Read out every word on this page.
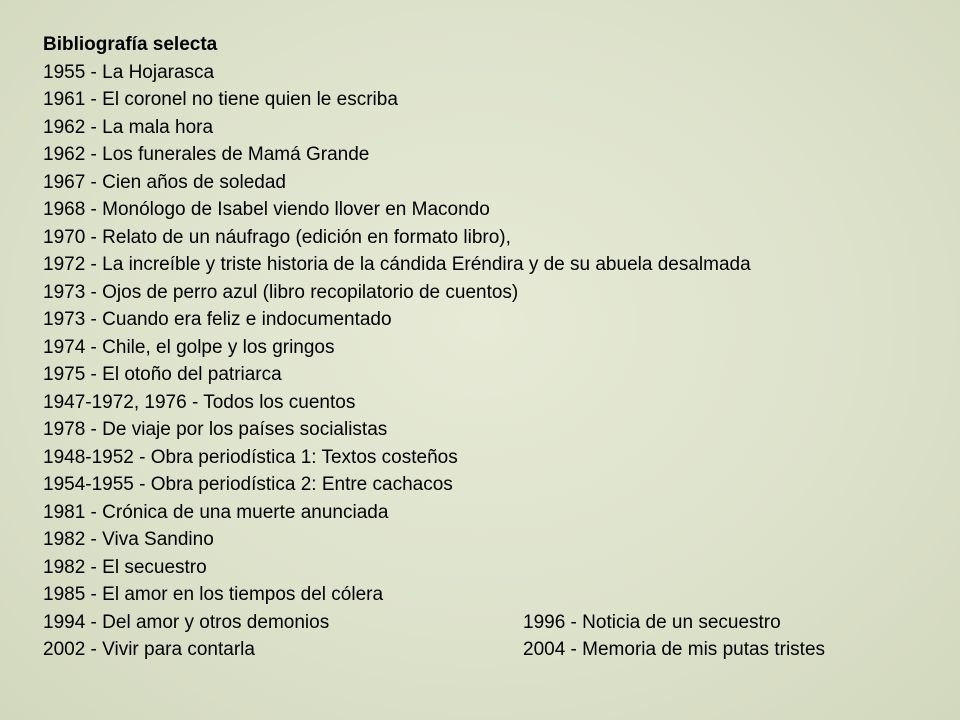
Bibliografía selecta
1955 - La Hojarasca
1961 - El coronel no tiene quien le escriba
1962 - La mala hora
1962 - Los funerales de Mamá Grande
1967 - Cien años de soledad
1968 - Monólogo de Isabel viendo llover en Macondo
1970 - Relato de un náufrago (edición en formato libro),
1972 - La increíble y triste historia de la cándida Eréndira y de su abuela desalmada
1973 - Ojos de perro azul (libro recopilatorio de cuentos)
1973 - Cuando era feliz e indocumentado
1974 - Chile, el golpe y los gringos
1975 - El otoño del patriarca
1947-1972, 1976 - Todos los cuentos
1978 - De viaje por los países socialistas
1948-1952 - Obra periodística 1: Textos costeños
1954-1955 - Obra periodística 2: Entre cachacos
1981 - Crónica de una muerte anunciada
1982 - Viva Sandino
1982 - El secuestro
1985 - El amor en los tiempos del cólera
1994 - Del amor y otros demonios	1996 - Noticia de un secuestro
2002 - Vivir para contarla	2004 - Memoria de mis putas tristes
